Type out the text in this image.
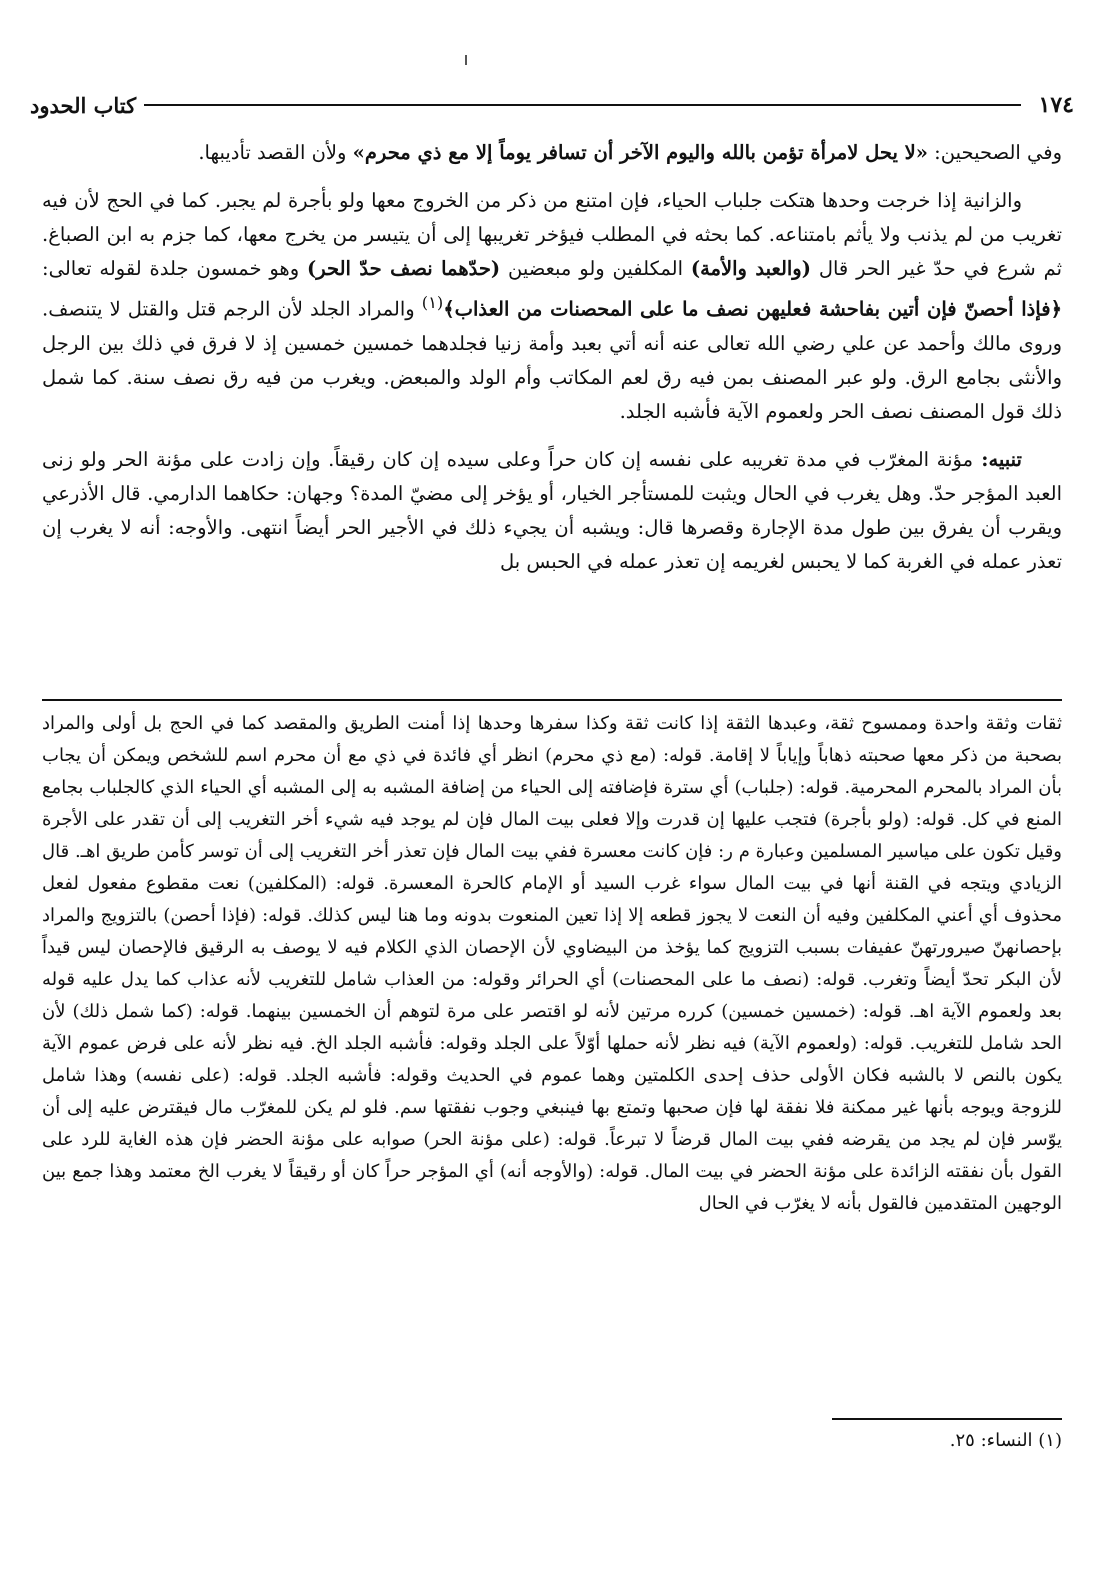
١٧٤
كتاب الحدود

وفي الصحيحين: «لا يحل لامرأة تؤمن بالله واليوم الآخر أن تسافر يوماً إلا مع ذي محرم» ولأن القصد تأديبها.

والزانية إذا خرجت وحدها هتكت جلباب الحياء، فإن امتنع من ذكر من الخروج معها ولو بأجرة لم يجبر. كما في الحج لأن فيه تغريب من لم يذنب ولا يأثم بامتناعه. كما بحثه في المطلب فيؤخر تغريبها إلى أن يتيسر من يخرج معها، كما جزم به ابن الصباغ. ثم شرع في حدّ غير الحر قال (والعبد والأمة) المكلفين ولو مبعضين (حدّهما نصف حدّ الحر) وهو خمسون جلدة لقوله تعالى: ﴿فإذا أحصنّ فإن أتين بفاحشة فعليهن نصف ما على المحصنات من العذاب﴾$^{(١)}$ والمراد الجلد لأن الرجم قتل والقتل لا يتنصف. وروى مالك وأحمد عن علي رضي الله تعالى عنه أنه أتي بعبد وأمة زنيا فجلدهما خمسين خمسين إذ لا فرق في ذلك بين الرجل والأنثى بجامع الرق. ولو عبر المصنف بمن فيه رق لعم المكاتب وأم الولد والمبعض. ويغرب من فيه رق نصف سنة. كما شمل ذلك قول المصنف نصف الحر ولعموم الآية فأشبه الجلد.

تنبيه: مؤنة المغرّب في مدة تغريبه على نفسه إن كان حراً وعلى سيده إن كان رقيقاً. وإن زادت على مؤنة الحر ولو زنى العبد المؤجر حدّ. وهل يغرب في الحال ويثبت للمستأجر الخيار، أو يؤخر إلى مضيّ المدة؟ وجهان: حكاهما الدارمي. قال الأذرعي ويقرب أن يفرق بين طول مدة الإجارة وقصرها قال: ويشبه أن يجيء ذلك في الأجير الحر أيضاً انتهى. والأوجه: أنه لا يغرب إن تعذر عمله في الغربة كما لا يحبس لغريمه إن تعذر عمله في الحبس بل

ثقات وثقة واحدة وممسوح ثقة، وعبدها الثقة إذا كانت ثقة وكذا سفرها وحدها إذا أمنت الطريق والمقصد كما في الحج بل أولى والمراد بصحبة من ذكر معها صحبته ذهاباً وإياباً لا إقامة. قوله: (مع ذي محرم) انظر أي فائدة في ذي مع أن محرم اسم للشخص ويمكن أن يجاب بأن المراد بالمحرم المحرمية. قوله: (جلباب) أي سترة فإضافته إلى الحياء من إضافة المشبه به إلى المشبه أي الحياء الذي كالجلباب بجامع المنع في كل. قوله: (ولو بأجرة) فتجب عليها إن قدرت وإلا فعلى بيت المال فإن لم يوجد فيه شيء أخر التغريب إلى أن تقدر على الأجرة وقيل تكون على مياسير المسلمين وعبارة م ر: فإن كانت معسرة ففي بيت المال فإن تعذر أخر التغريب إلى أن توسر كأمن طريق اهـ. قال الزيادي ويتجه في القنة أنها في بيت المال سواء غرب السيد أو الإمام كالحرة المعسرة. قوله: (المكلفين) نعت مقطوع مفعول لفعل محذوف أي أعني المكلفين وفيه أن النعت لا يجوز قطعه إلا إذا تعين المنعوت بدونه وما هنا ليس كذلك. قوله: (فإذا أحصن) بالتزويج والمراد بإحصانهنّ صيرورتهنّ عفيفات بسبب التزويج كما يؤخذ من البيضاوي لأن الإحصان الذي الكلام فيه لا يوصف به الرقيق فالإحصان ليس قيداً لأن البكر تحدّ أيضاً وتغرب. قوله: (نصف ما على المحصنات) أي الحرائر وقوله: من العذاب شامل للتغريب لأنه عذاب كما يدل عليه قوله بعد ولعموم الآية اهـ. قوله: (خمسين خمسين) كرره مرتين لأنه لو اقتصر على مرة لتوهم أن الخمسين بينهما. قوله: (كما شمل ذلك) لأن الحد شامل للتغريب. قوله: (ولعموم الآية) فيه نظر لأنه حملها أوّلاً على الجلد وقوله: فأشبه الجلد الخ. فيه نظر لأنه على فرض عموم الآية يكون بالنص لا بالشبه فكان الأولى حذف إحدى الكلمتين وهما عموم في الحديث وقوله: فأشبه الجلد. قوله: (على نفسه) وهذا شامل للزوجة ويوجه بأنها غير ممكنة فلا نفقة لها فإن صحبها وتمتع بها فينبغي وجوب نفقتها سم. فلو لم يكن للمغرّب مال فيقترض عليه إلى أن يوّسر فإن لم يجد من يقرضه ففي بيت المال قرضاً لا تبرعاً. قوله: (على مؤنة الحر) صوابه على مؤنة الحضر فإن هذه الغاية للرد على القول بأن نفقته الزائدة على مؤنة الحضر في بيت المال. قوله: (والأوجه أنه) أي المؤجر حراً كان أو رقيقاً لا يغرب الخ معتمد وهذا جمع بين الوجهين المتقدمين فالقول بأنه لا يغرّب في الحال

(١) النساء: ٢٥.
